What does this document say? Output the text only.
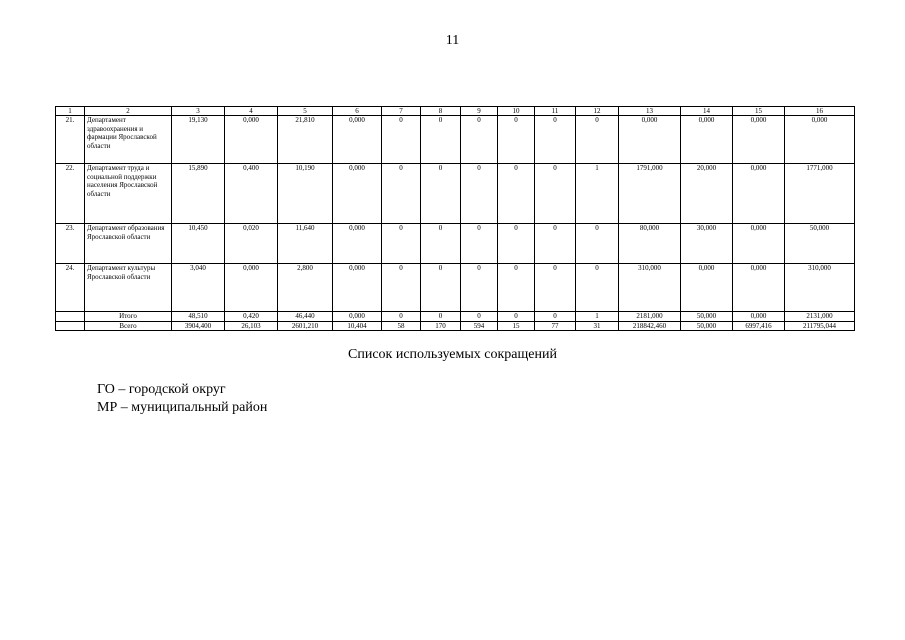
11
1	2	3	4	5	6	7	8	9	10	11	12	13	14	15	16
21.	Департамент здравоохранения и фармации Ярославской области	19,130	0,000	21,810	0,000	0	0	0	0	0	0	0,000	0,000	0,000	0,000
22.	Департамент труда и социальной поддержки населения Ярославской области	15,890	0,400	10,190	0,000	0	0	0	0	0	1	1791,000	20,000	0,000	1771,000
23.	Департамент образования Ярославской области	10,450	0,020	11,640	0,000	0	0	0	0	0	0	80,000	30,000	0,000	50,000
24.	Департамент культуры Ярославской области	3,040	0,000	2,800	0,000	0	0	0	0	0	0	310,000	0,000	0,000	310,000
	Итого	48,510	0,420	46,440	0,000	0	0	0	0	0	1	2181,000	50,000	0,000	2131,000
	Всего	3904,400	26,103	2601,210	10,404	58	170	594	15	77	31	218842,460	50,000	6997,416	211795,044
Список используемых сокращений
ГО – городской округ
МР – муниципальный район
